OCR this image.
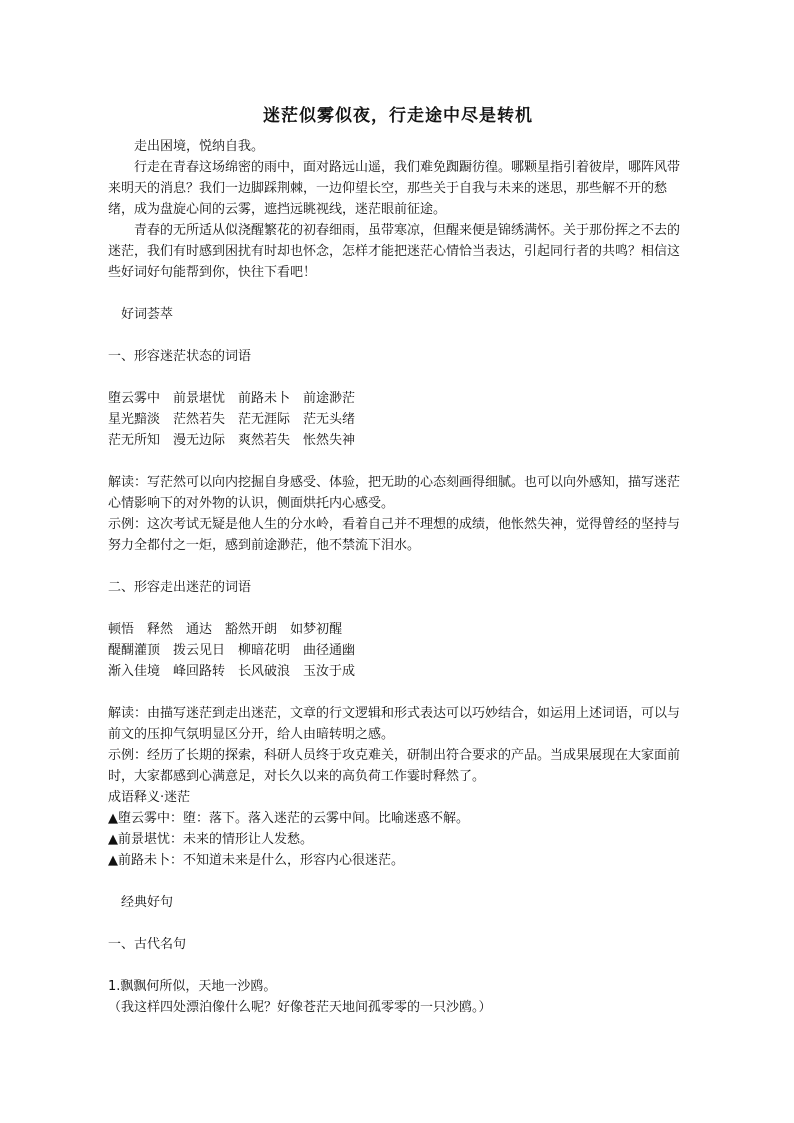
迷茫似雾似夜，行走途中尽是转机

走出困境，悦纳自我。

行走在青春这场绵密的雨中，面对路远山遥，我们难免踟蹰彷徨。哪颗星指引着彼岸，哪阵风带来明天的消息？我们一边脚踩荆棘，一边仰望长空，那些关于自我与未来的迷思，那些解不开的愁绪，成为盘旋心间的云雾，遮挡远眺视线，迷茫眼前征途。

青春的无所适从似浇醒繁花的初春细雨，虽带寒凉，但醒来便是锦绣满怀。关于那份挥之不去的迷茫，我们有时感到困扰有时却也怀念，怎样才能把迷茫心情恰当表达，引起同行者的共鸣？相信这些好词好句能帮到你，快往下看吧！

好词荟萃

一、形容迷茫状态的词语

堕云雾中 前景堪忧 前路未卜 前途渺茫

星光黯淡 茫然若失 茫无涯际 茫无头绪

茫无所知 漫无边际 爽然若失 怅然失神

解读：写茫然可以向内挖掘自身感受、体验，把无助的心态刻画得细腻。也可以向外感知，描写迷茫心情影响下的对外物的认识，侧面烘托内心感受。

示例：这次考试无疑是他人生的分水岭，看着自己并不理想的成绩，他怅然失神，觉得曾经的坚持与努力全都付之一炬，感到前途渺茫，他不禁流下泪水。

二、形容走出迷茫的词语

顿悟 释然 通达 豁然开朗 如梦初醒

醍醐灌顶 拨云见日 柳暗花明 曲径通幽

渐入佳境 峰回路转 长风破浪 玉汝于成

解读：由描写迷茫到走出迷茫，文章的行文逻辑和形式表达可以巧妙结合，如运用上述词语，可以与前文的压抑气氛明显区分开，给人由暗转明之感。

示例：经历了长期的探索，科研人员终于攻克难关，研制出符合要求的产品。当成果展现在大家面前时，大家都感到心满意足，对长久以来的高负荷工作霎时释然了。

成语释义·迷茫

▲堕云雾中：堕：落下。落入迷茫的云雾中间。比喻迷惑不解。

▲前景堪忧：未来的情形让人发愁。

▲前路未卜：不知道未来是什么，形容内心很迷茫。

经典好句

一、古代名句

1.飘飘何所似，天地一沙鸥。

（我这样四处漂泊像什么呢？好像苍茫天地间孤零零的一只沙鸥。）
